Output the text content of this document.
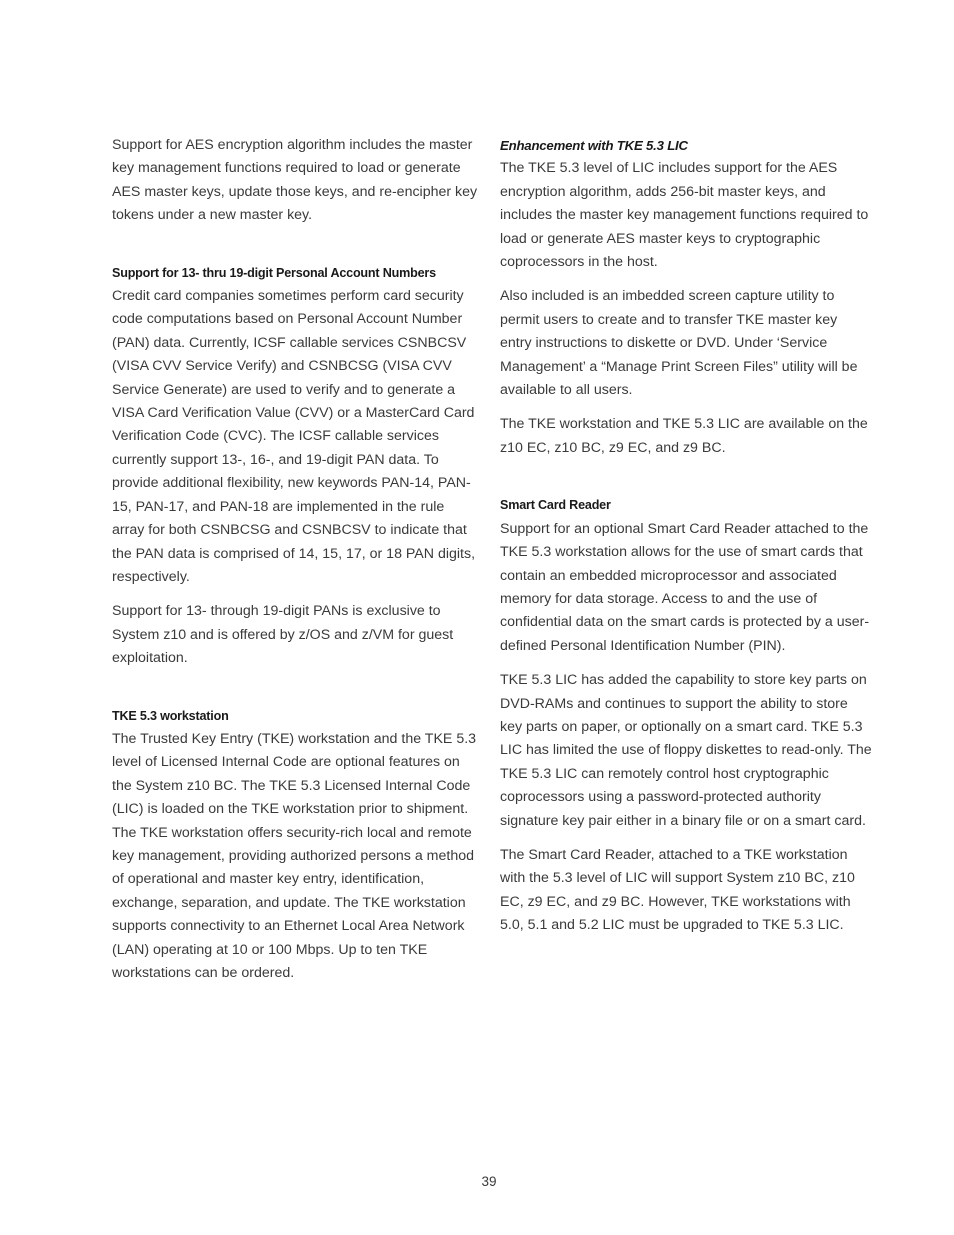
Support for AES encryption algorithm includes the master key management functions required to load or generate AES master keys, update those keys, and re-encipher key tokens under a new master key.

Support for 13- thru 19-digit Personal Account Numbers

Credit card companies sometimes perform card security code computations based on Personal Account Number (PAN) data. Currently, ICSF callable services CSNBCSV (VISA CVV Service Verify) and CSNBCSG (VISA CVV Service Generate) are used to verify and to generate a VISA Card Verification Value (CVV) or a MasterCard Card Verification Code (CVC). The ICSF callable services currently support 13-, 16-, and 19-digit PAN data. To provide additional flexibility, new keywords PAN-14, PAN-15, PAN-17, and PAN-18 are implemented in the rule array for both CSNBCSG and CSNBCSV to indicate that the PAN data is comprised of 14, 15, 17, or 18 PAN digits, respectively.

Support for 13- through 19-digit PANs is exclusive to System z10 and is offered by z/OS and z/VM for guest exploitation.

TKE 5.3 workstation

The Trusted Key Entry (TKE) workstation and the TKE 5.3 level of Licensed Internal Code are optional features on the System z10 BC. The TKE 5.3 Licensed Internal Code (LIC) is loaded on the TKE workstation prior to shipment. The TKE workstation offers security-rich local and remote key management, providing authorized persons a method of operational and master key entry, identification, exchange, separation, and update. The TKE workstation supports connectivity to an Ethernet Local Area Network (LAN) operating at 10 or 100 Mbps. Up to ten TKE workstations can be ordered.

Enhancement with TKE 5.3 LIC

The TKE 5.3 level of LIC includes support for the AES encryption algorithm, adds 256-bit master keys, and includes the master key management functions required to load or generate AES master keys to cryptographic coprocessors in the host.

Also included is an imbedded screen capture utility to permit users to create and to transfer TKE master key entry instructions to diskette or DVD. Under ‘Service Management’ a “Manage Print Screen Files” utility will be available to all users.

The TKE workstation and TKE 5.3 LIC are available on the z10 EC, z10 BC, z9 EC, and z9 BC.

Smart Card Reader

Support for an optional Smart Card Reader attached to the TKE 5.3 workstation allows for the use of smart cards that contain an embedded microprocessor and associated memory for data storage. Access to and the use of confidential data on the smart cards is protected by a user-defined Personal Identification Number (PIN).

TKE 5.3 LIC has added the capability to store key parts on DVD-RAMs and continues to support the ability to store key parts on paper, or optionally on a smart card. TKE 5.3 LIC has limited the use of floppy diskettes to read-only. The TKE 5.3 LIC can remotely control host cryptographic coprocessors using a password-protected authority signature key pair either in a binary file or on a smart card.

The Smart Card Reader, attached to a TKE workstation with the 5.3 level of LIC will support System z10 BC, z10 EC, z9 EC, and z9 BC. However, TKE workstations with 5.0, 5.1 and 5.2 LIC must be upgraded to TKE 5.3 LIC.

39
